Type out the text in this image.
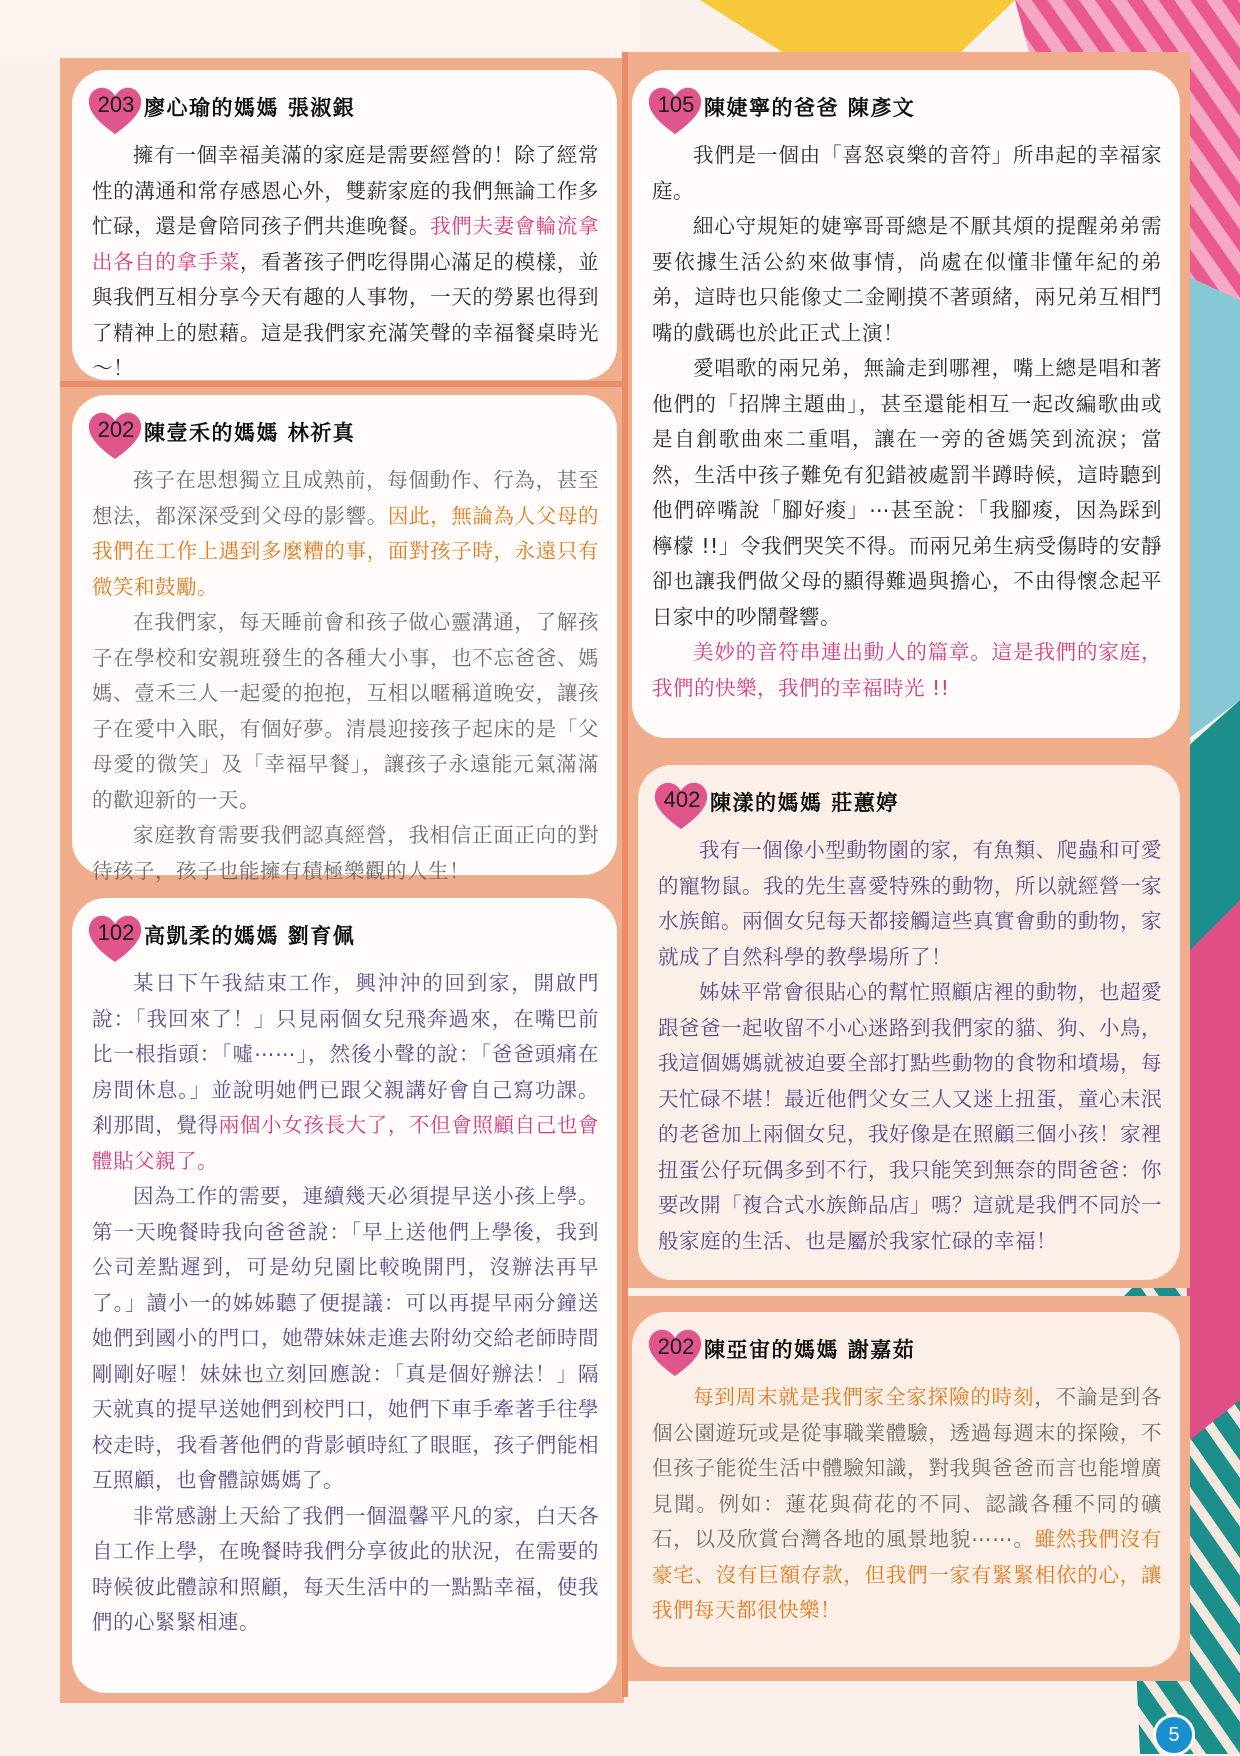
203 廖心瑜的媽媽 張淑銀

擁有一個幸福美滿的家庭是需要經營的！除了經常性的溝通和常存感恩心外，雙薪家庭的我們無論工作多忙碌，還是會陪同孩子們共進晚餐。我們夫妻會輪流拿出各自的拿手菜，看著孩子們吃得開心滿足的模樣，並與我們互相分享今天有趣的人事物，一天的勞累也得到了精神上的慰藉。這是我們家充滿笑聲的幸福餐桌時光～！

202 陳壹禾的媽媽 林祈真

孩子在思想獨立且成熟前，每個動作、行為，甚至想法，都深深受到父母的影響。因此，無論為人父母的我們在工作上遇到多麼糟的事，面對孩子時，永遠只有微笑和鼓勵。

在我們家，每天睡前會和孩子做心靈溝通，了解孩子在學校和安親班發生的各種大小事，也不忘爸爸、媽媽、壹禾三人一起愛的抱抱，互相以暱稱道晚安，讓孩子在愛中入眠，有個好夢。清晨迎接孩子起床的是「父母愛的微笑」及「幸福早餐」，讓孩子永遠能元氣滿滿的歡迎新的一天。

家庭教育需要我們認真經營，我相信正面正向的對待孩子，孩子也能擁有積極樂觀的人生！

102 高凱柔的媽媽 劉育佩

某日下午我結束工作，興沖沖的回到家，開啟門說：「我回來了！」只見兩個女兒飛奔過來，在嘴巴前比一根指頭：「噓⋯⋯」，然後小聲的說：「爸爸頭痛在房間休息。」並說明她們已跟父親講好會自己寫功課。剎那間，覺得兩個小女孩長大了，不但會照顧自己也會體貼父親了。

因為工作的需要，連續幾天必須提早送小孩上學。第一天晚餐時我向爸爸說：「早上送他們上學後，我到公司差點遲到，可是幼兒園比較晚開門，沒辦法再早了。」讀小一的姊姊聽了便提議：可以再提早兩分鐘送她們到國小的門口，她帶妹妹走進去附幼交給老師時間剛剛好喔！妹妹也立刻回應說：「真是個好辦法！」隔天就真的提早送她們到校門口，她們下車手牽著手往學校走時，我看著他們的背影頓時紅了眼眶，孩子們能相互照顧，也會體諒媽媽了。

非常感謝上天給了我們一個溫馨平凡的家，白天各自工作上學，在晚餐時我們分享彼此的狀況，在需要的時候彼此體諒和照顧，每天生活中的一點點幸福，使我們的心緊緊相連。

105 陳婕寧的爸爸 陳彥文

我們是一個由「喜怒哀樂的音符」所串起的幸福家庭。

細心守規矩的婕寧哥哥總是不厭其煩的提醒弟弟需要依據生活公約來做事情，尚處在似懂非懂年紀的弟弟，這時也只能像丈二金剛摸不著頭緒，兩兄弟互相鬥嘴的戲碼也於此正式上演！

愛唱歌的兩兄弟，無論走到哪裡，嘴上總是唱和著他們的「招牌主題曲」，甚至還能相互一起改編歌曲或是自創歌曲來二重唱，讓在一旁的爸媽笑到流淚；當然，生活中孩子難免有犯錯被處罰半蹲時候，這時聽到他們碎嘴說「腳好痠」⋯甚至說：「我腳痠，因為踩到檸檬 !!」令我們哭笑不得。而兩兄弟生病受傷時的安靜卻也讓我們做父母的顯得難過與擔心，不由得懷念起平日家中的吵鬧聲響。

美妙的音符串連出動人的篇章。這是我們的家庭，我們的快樂，我們的幸福時光 !!

402 陳漾的媽媽 莊蕙婷

我有一個像小型動物園的家，有魚類、爬蟲和可愛的寵物鼠。我的先生喜愛特殊的動物，所以就經營一家水族館。兩個女兒每天都接觸這些真實會動的動物，家就成了自然科學的教學場所了！

姊妹平常會很貼心的幫忙照顧店裡的動物，也超愛跟爸爸一起收留不小心迷路到我們家的貓、狗、小鳥，我這個媽媽就被迫要全部打點些動物的食物和墳場，每天忙碌不堪！最近他們父女三人又迷上扭蛋，童心未泯的老爸加上兩個女兒，我好像是在照顧三個小孩！家裡扭蛋公仔玩偶多到不行，我只能笑到無奈的問爸爸：你要改開「複合式水族飾品店」嗎？這就是我們不同於一般家庭的生活、也是屬於我家忙碌的幸福！

202 陳亞宙的媽媽 謝嘉茹

每到周末就是我們家全家探險的時刻，不論是到各個公園遊玩或是從事職業體驗，透過每週末的探險，不但孩子能從生活中體驗知識，對我與爸爸而言也能增廣見聞。例如：蓮花與荷花的不同、認識各種不同的礦石，以及欣賞台灣各地的風景地貌⋯⋯。雖然我們沒有豪宅、沒有巨額存款，但我們一家有緊緊相依的心，讓我們每天都很快樂！

5
